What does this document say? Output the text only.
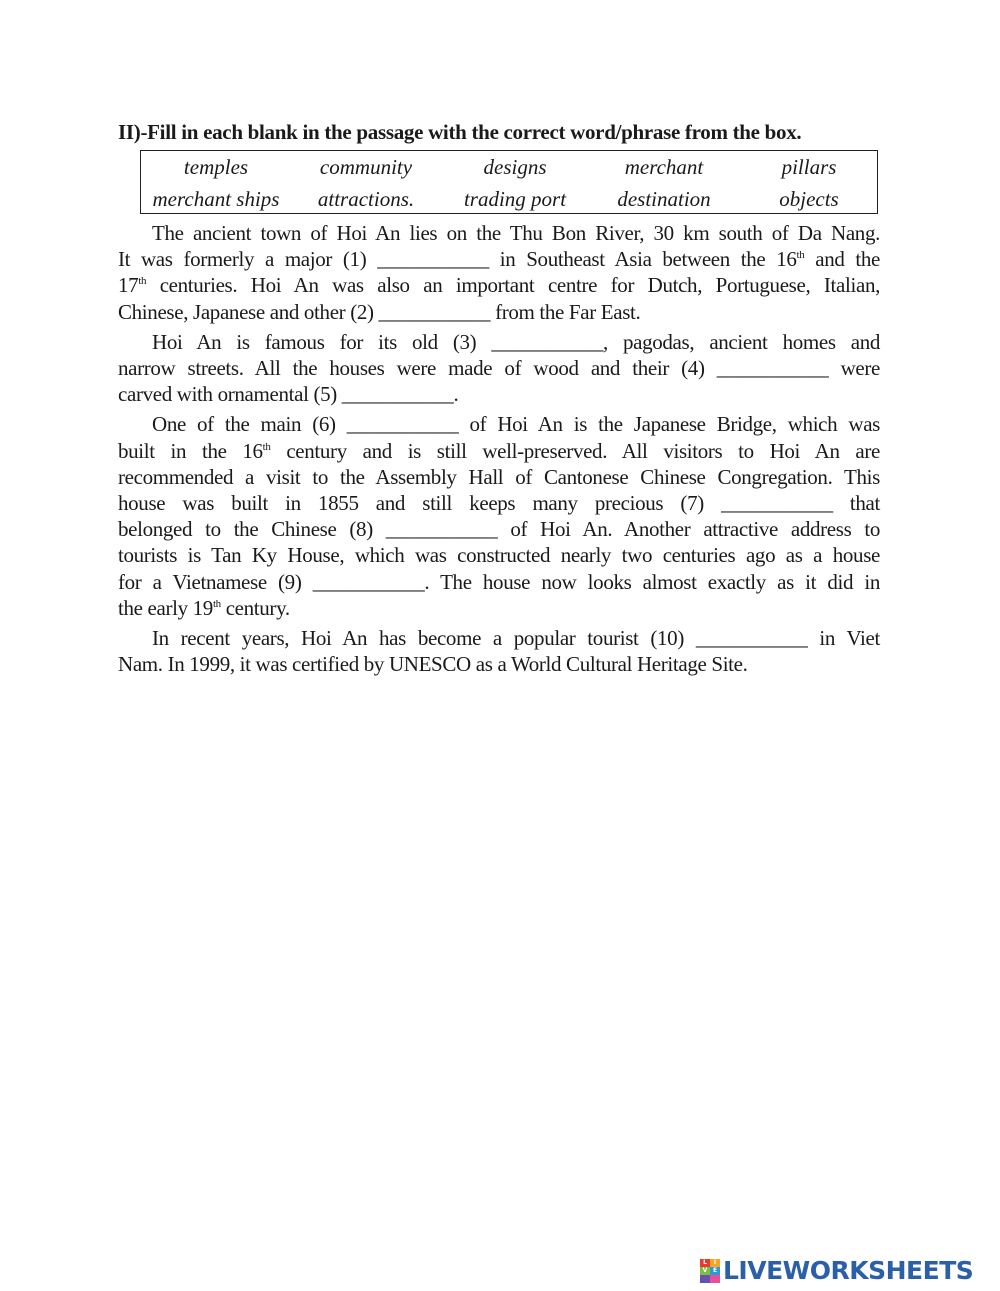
II)-Fill in each blank in the passage with the correct word/phrase from the box.
temples	community	designs	merchant	pillars
merchant ships	attractions.	trading port	destination	objects
The ancient town of Hoi An lies on the Thu Bon River, 30 km south of Da Nang.
It was formerly a major (1) ___________ in Southeast Asia between the 16th and the
17th centuries. Hoi An was also an important centre for Dutch, Portuguese, Italian,
Chinese, Japanese and other (2) ___________ from the Far East.
Hoi An is famous for its old (3) ___________, pagodas, ancient homes and
narrow streets. All the houses were made of wood and their (4) ___________ were
carved with ornamental (5) ___________.
One of the main (6) ___________ of Hoi An is the Japanese Bridge, which was
built in the 16th century and is still well-preserved. All visitors to Hoi An are
recommended a visit to the Assembly Hall of Cantonese Chinese Congregation. This
house was built in 1855 and still keeps many precious (7) ___________ that
belonged to the Chinese (8) ___________ of Hoi An. Another attractive address to
tourists is Tan Ky House, which was constructed nearly two centuries ago as a house
for a Vietnamese (9) ___________. The house now looks almost exactly as it did in
the early 19th century.
In recent years, Hoi An has become a popular tourist (10) ___________ in Viet
Nam. In 1999, it was certified by UNESCO as a World Cultural Heritage Site.
L	I
V E LIVEWORKSHEETS
